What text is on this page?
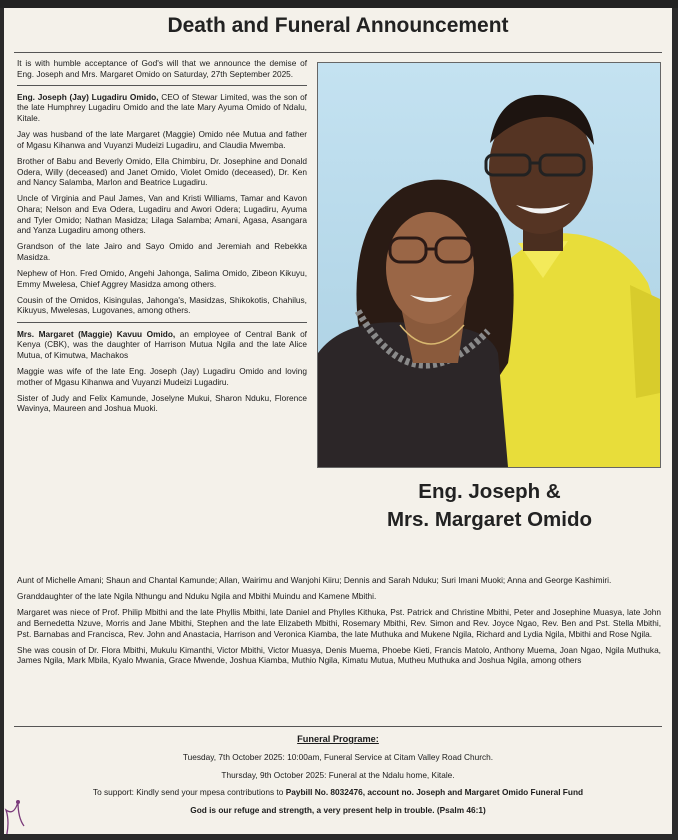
Death and Funeral Announcement

It is with humble acceptance of God's will that we announce the demise of Eng. Joseph and Mrs. Margaret Omido on Saturday, 27th September 2025.

Eng. Joseph (Jay) Lugadiru Omido, CEO of Stewar Limited, was the son of the late Humphrey Lugadiru Omido and the late Mary Ayuma Omido of Ndalu, Kitale.

Jay was husband of the late Margaret (Maggie) Omido née Mutua and father of Mgasu Kihanwa and Vuyanzi Mudeizi Lugadiru, and Claudia Mwemba.

Brother of Babu and Beverly Omido, Ella Chimbiru, Dr. Josephine and Donald Odera, Willy (deceased) and Janet Omido, Violet Omido (deceased), Dr. Ken and Nancy Salamba, Marlon and Beatrice Lugadiru.

Uncle of Virginia and Paul James, Van and Kristi Williams, Tamar and Kavon Ohara; Nelson and Eva Odera, Lugadiru and Awori Odera; Lugadiru, Ayuma and Tyler Omido; Nathan Masidza; Lilaga Salamba; Amani, Agasa, Asangara and Yanza Lugadiru among others.

Grandson of the late Jairo and Sayo Omido and Jeremiah and Rebekka Masidza.

Nephew of Hon. Fred Omido, Angehi Jahonga, Salima Omido, Zibeon Kikuyu, Emmy Mwelesa, Chief Aggrey Masidza among others.

Cousin of the Omidos, Kisingulas, Jahonga's, Masidzas, Shikokotis, Chahilus, Kikuyus, Mwelesas, Lugovanes, among others.

Mrs. Margaret (Maggie) Kavuu Omido, an employee of Central Bank of Kenya (CBK), was the daughter of Harrison Mutua Ngila and the late Alice Mutua, of Kimutwa, Machakos

Maggie was wife of the late Eng. Joseph (Jay) Lugadiru Omido and loving mother of Mgasu Kihanwa and Vuyanzi Mudeizi Lugadiru.

Sister of Judy and Felix Kamunde, Joselyne Mukui, Sharon Nduku, Florence Wavinya, Maureen and Joshua Muoki.

Eng. Joseph &
Mrs. Margaret Omido

Aunt of Michelle Amani; Shaun and Chantal Kamunde; Allan, Wairimu and Wanjohi Kiiru; Dennis and Sarah Nduku; Suri Imani Muoki; Anna and George Kashimiri.

Granddaughter of the late Ngila Nthungu and Nduku Ngila and Mbithi Muindu and Kamene Mbithi.

Margaret was niece of Prof. Philip Mbithi and the late Phyllis Mbithi, late Daniel and Phylles Kithuka, Pst. Patrick and Christine Mbithi, Peter and Josephine Muasya, late John and Bernedetta Nzuve, Morris and Jane Mbithi, Stephen and the late Elizabeth Mbithi, Rosemary Mbithi, Rev. Simon and Rev. Joyce Ngao, Rev. Ben and Pst. Stella Mbithi, Pst. Barnabas and Francisca, Rev. John and Anastacia, Harrison and Veronica Kiamba, the late Muthuka and Mukene Ngila, Richard and Lydia Ngila, Mbithi and Rose Ngila.

She was cousin of Dr. Flora Mbithi, Mukulu Kimanthi, Victor Mbithi, Victor Muasya, Denis Muema, Phoebe Kieti, Francis Matolo, Anthony Muema, Joan Ngao, Ngila Muthuka, James Ngila, Mark Mbila, Kyalo Mwania, Grace Mwende, Joshua Kiamba, Muthio Ngila, Kimatu Mutua, Mutheu Muthuka and Joshua Ngila, among others

Funeral Programe:
Tuesday, 7th October 2025: 10:00am, Funeral Service at Citam Valley Road Church.
Thursday, 9th October 2025: Funeral at the Ndalu home, Kitale.
To support: Kindly send your mpesa contributions to Paybill No. 8032476, account no. Joseph and Margaret Omido Funeral Fund
God is our refuge and strength, a very present help in trouble. (Psalm 46:1)
